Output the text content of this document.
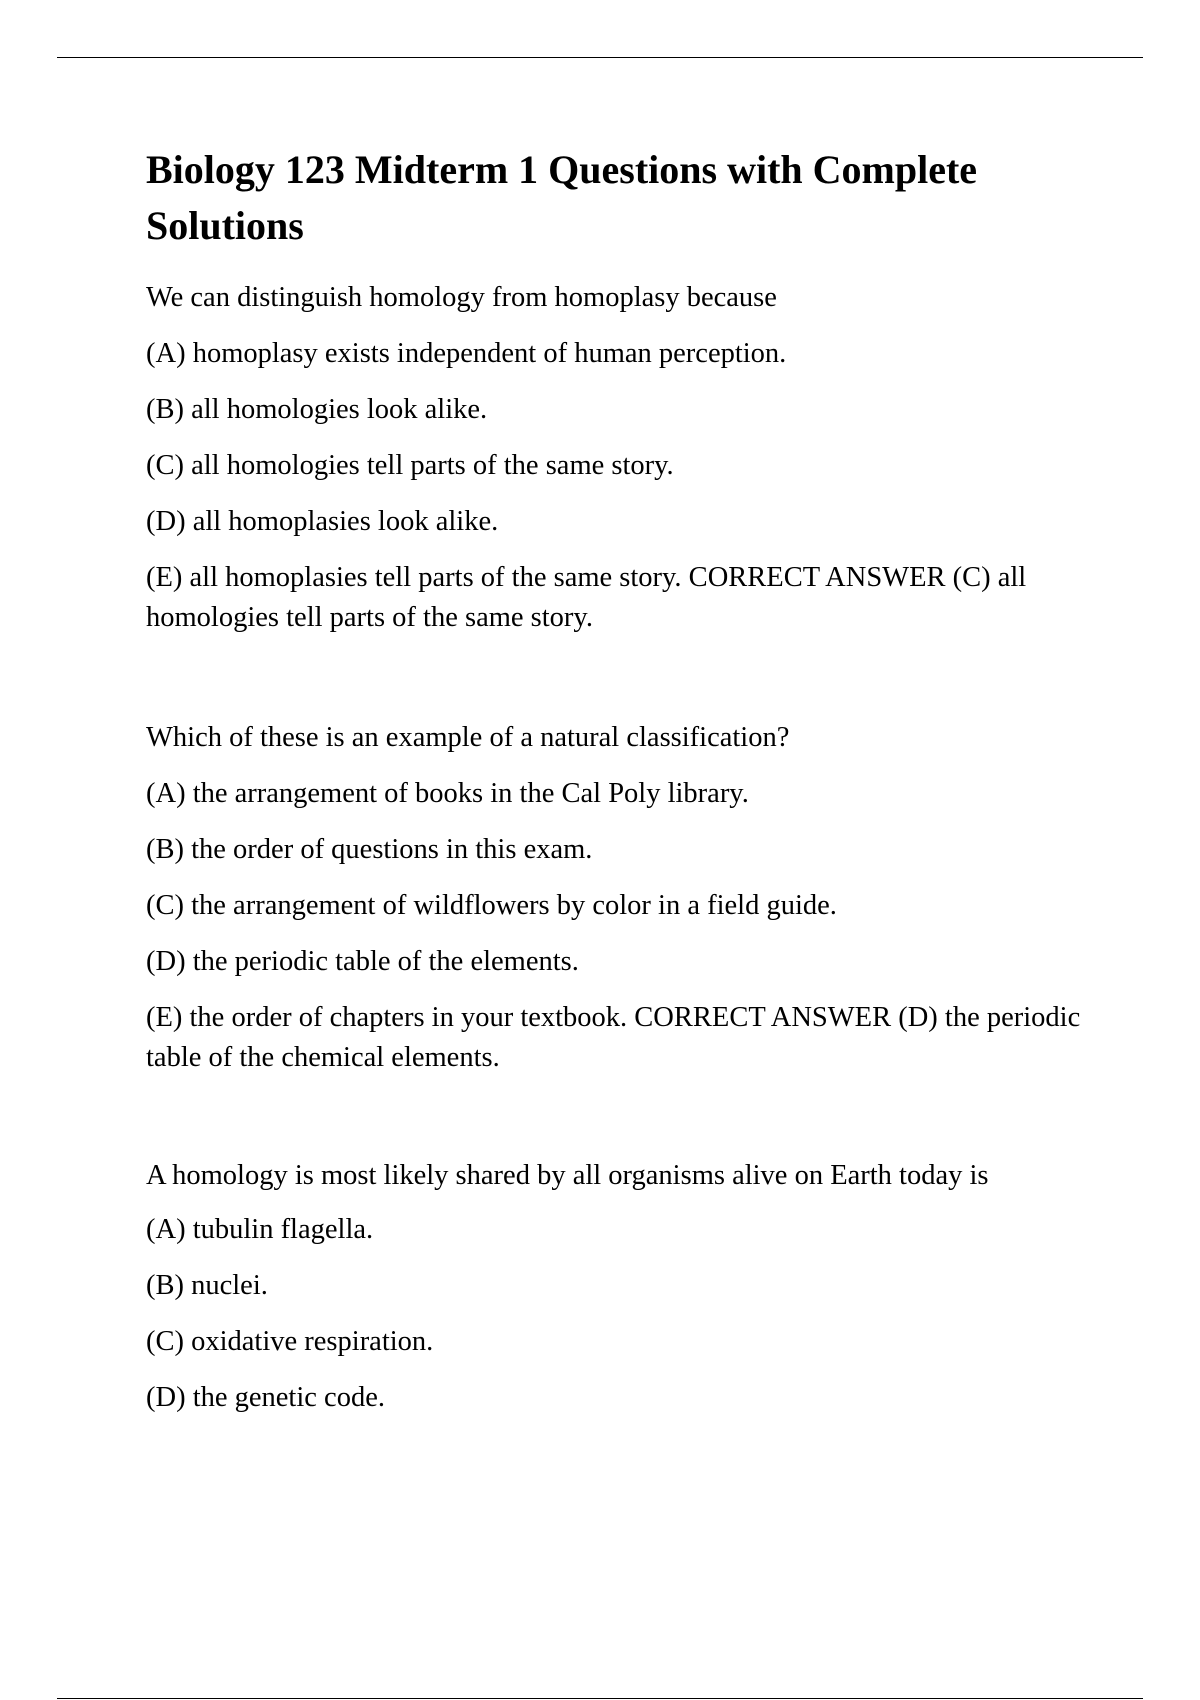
Biology 123 Midterm 1 Questions with Complete Solutions

We can distinguish homology from homoplasy because

(A) homoplasy exists independent of human perception.

(B) all homologies look alike.

(C) all homologies tell parts of the same story.

(D) all homoplasies look alike.

(E) all homoplasies tell parts of the same story. CORRECT ANSWER (C) all homologies tell parts of the same story.

Which of these is an example of a natural classification?

(A) the arrangement of books in the Cal Poly library.

(B) the order of questions in this exam.

(C) the arrangement of wildflowers by color in a field guide.

(D) the periodic table of the elements.

(E) the order of chapters in your textbook. CORRECT ANSWER (D) the periodic table of the chemical elements.

A homology is most likely shared by all organisms alive on Earth today is

(A) tubulin flagella.

(B) nuclei.

(C) oxidative respiration.

(D) the genetic code.
